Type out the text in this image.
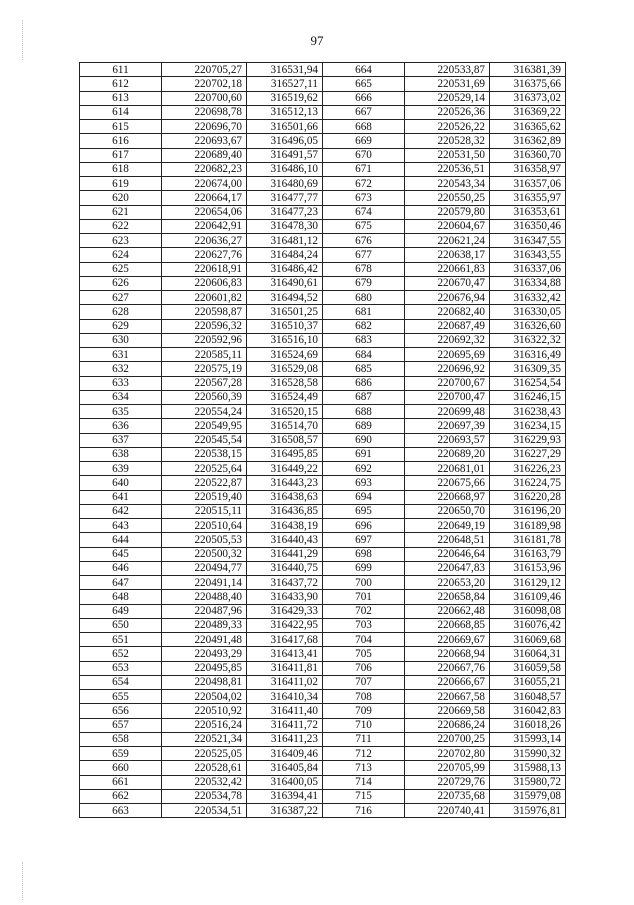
97
611	220705,27	316531,94	664	220533,87	316381,39
612	220702,18	316527,11	665	220531,69	316375,66
613	220700,60	316519,62	666	220529,14	316373,02
614	220698,78	316512,13	667	220526,36	316369,22
615	220696,70	316501,66	668	220526,22	316365,62
616	220693,67	316496,05	669	220528,32	316362,89
617	220689,40	316491,57	670	220531,50	316360,70
618	220682,23	316486,10	671	220536,51	316358,97
619	220674,00	316480,69	672	220543,34	316357,06
620	220664,17	316477,77	673	220550,25	316355,97
621	220654,06	316477,23	674	220579,80	316353,61
622	220642,91	316478,30	675	220604,67	316350,46
623	220636,27	316481,12	676	220621,24	316347,55
624	220627,76	316484,24	677	220638,17	316343,55
625	220618,91	316486,42	678	220661,83	316337,06
626	220606,83	316490,61	679	220670,47	316334,88
627	220601,82	316494,52	680	220676,94	316332,42
628	220598,87	316501,25	681	220682,40	316330,05
629	220596,32	316510,37	682	220687,49	316326,60
630	220592,96	316516,10	683	220692,32	316322,32
631	220585,11	316524,69	684	220695,69	316316,49
632	220575,19	316529,08	685	220696,92	316309,35
633	220567,28	316528,58	686	220700,67	316254,54
634	220560,39	316524,49	687	220700,47	316246,15
635	220554,24	316520,15	688	220699,48	316238,43
636	220549,95	316514,70	689	220697,39	316234,15
637	220545,54	316508,57	690	220693,57	316229,93
638	220538,15	316495,85	691	220689,20	316227,29
639	220525,64	316449,22	692	220681,01	316226,23
640	220522,87	316443,23	693	220675,66	316224,75
641	220519,40	316438,63	694	220668,97	316220,28
642	220515,11	316436,85	695	220650,70	316196,20
643	220510,64	316438,19	696	220649,19	316189,98
644	220505,53	316440,43	697	220648,51	316181,78
645	220500,32	316441,29	698	220646,64	316163,79
646	220494,77	316440,75	699	220647,83	316153,96
647	220491,14	316437,72	700	220653,20	316129,12
648	220488,40	316433,90	701	220658,84	316109,46
649	220487,96	316429,33	702	220662,48	316098,08
650	220489,33	316422,95	703	220668,85	316076,42
651	220491,48	316417,68	704	220669,67	316069,68
652	220493,29	316413,41	705	220668,94	316064,31
653	220495,85	316411,81	706	220667,76	316059,58
654	220498,81	316411,02	707	220666,67	316055,21
655	220504,02	316410,34	708	220667,58	316048,57
656	220510,92	316411,40	709	220669,58	316042,83
657	220516,24	316411,72	710	220686,24	316018,26
658	220521,34	316411,23	711	220700,25	315993,14
659	220525,05	316409,46	712	220702,80	315990,32
660	220528,61	316405,84	713	220705,99	315988,13
661	220532,42	316400,05	714	220729,76	315980,72
662	220534,78	316394,41	715	220735,68	315979,08
663	220534,51	316387,22	716	220740,41	315976,81
